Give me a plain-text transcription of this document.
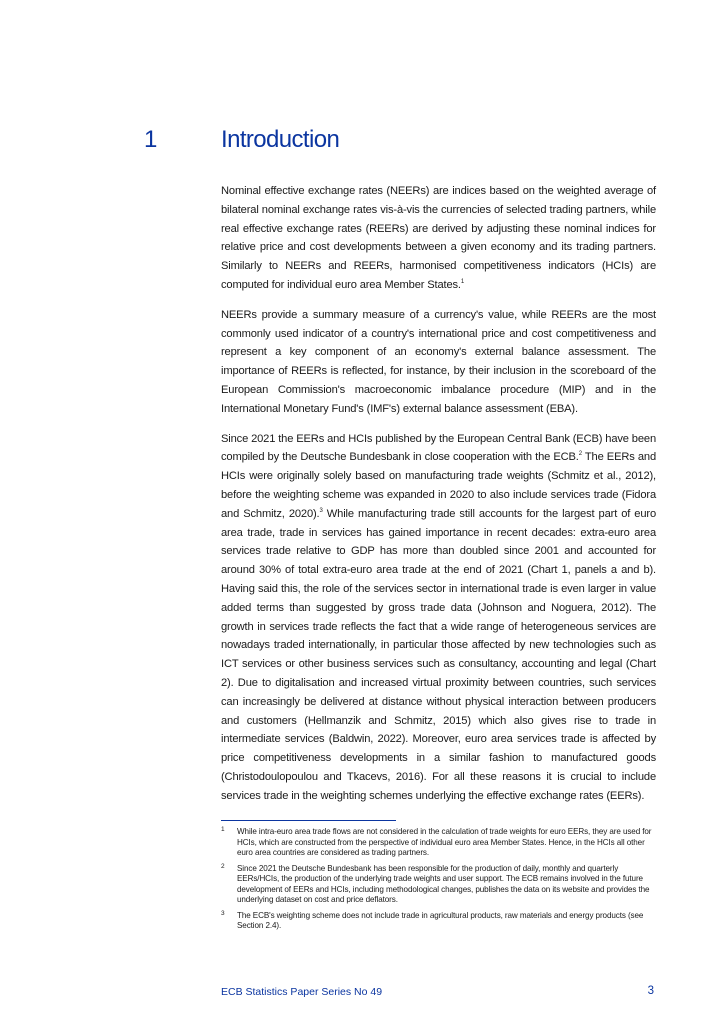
1	Introduction

Nominal effective exchange rates (NEERs) are indices based on the weighted average of bilateral nominal exchange rates vis-à-vis the currencies of selected trading partners, while real effective exchange rates (REERs) are derived by adjusting these nominal indices for relative price and cost developments between a given economy and its trading partners. Similarly to NEERs and REERs, harmonised competitiveness indicators (HCIs) are computed for individual euro area Member States.$^1$

NEERs provide a summary measure of a currency's value, while REERs are the most commonly used indicator of a country's international price and cost competitiveness and represent a key component of an economy's external balance assessment. The importance of REERs is reflected, for instance, by their inclusion in the scoreboard of the European Commission's macroeconomic imbalance procedure (MIP) and in the International Monetary Fund's (IMF's) external balance assessment (EBA).

Since 2021 the EERs and HCIs published by the European Central Bank (ECB) have been compiled by the Deutsche Bundesbank in close cooperation with the ECB.$^2$ The EERs and HCIs were originally solely based on manufacturing trade weights (Schmitz et al., 2012), before the weighting scheme was expanded in 2020 to also include services trade (Fidora and Schmitz, 2020).$^3$ While manufacturing trade still accounts for the largest part of euro area trade, trade in services has gained importance in recent decades: extra-euro area services trade relative to GDP has more than doubled since 2001 and accounted for around 30% of total extra-euro area trade at the end of 2021 (Chart 1, panels a and b). Having said this, the role of the services sector in international trade is even larger in value added terms than suggested by gross trade data (Johnson and Noguera, 2012). The growth in services trade reflects the fact that a wide range of heterogeneous services are nowadays traded internationally, in particular those affected by new technologies such as ICT services or other business services such as consultancy, accounting and legal (Chart 2). Due to digitalisation and increased virtual proximity between countries, such services can increasingly be delivered at distance without physical interaction between producers and customers (Hellmanzik and Schmitz, 2015) which also gives rise to trade in intermediate services (Baldwin, 2022). Moreover, euro area services trade is affected by price competitiveness developments in a similar fashion to manufactured goods (Christodoulopoulou and Tkacevs, 2016). For all these reasons it is crucial to include services trade in the weighting schemes underlying the effective exchange rates (EERs).

1 While intra-euro area trade flows are not considered in the calculation of trade weights for euro EERs, they are used for HCIs, which are constructed from the perspective of individual euro area Member States. Hence, in the HCIs all other euro area countries are considered as trading partners.
2 Since 2021 the Deutsche Bundesbank has been responsible for the production of daily, monthly and quarterly EERs/HCIs, the production of the underlying trade weights and user support. The ECB remains involved in the future development of EERs and HCIs, including methodological changes, publishes the data on its website and provides the underlying dataset on cost and price deflators.
3 The ECB's weighting scheme does not include trade in agricultural products, raw materials and energy products (see Section 2.4).
ECB Statistics Paper Series No 49	3
